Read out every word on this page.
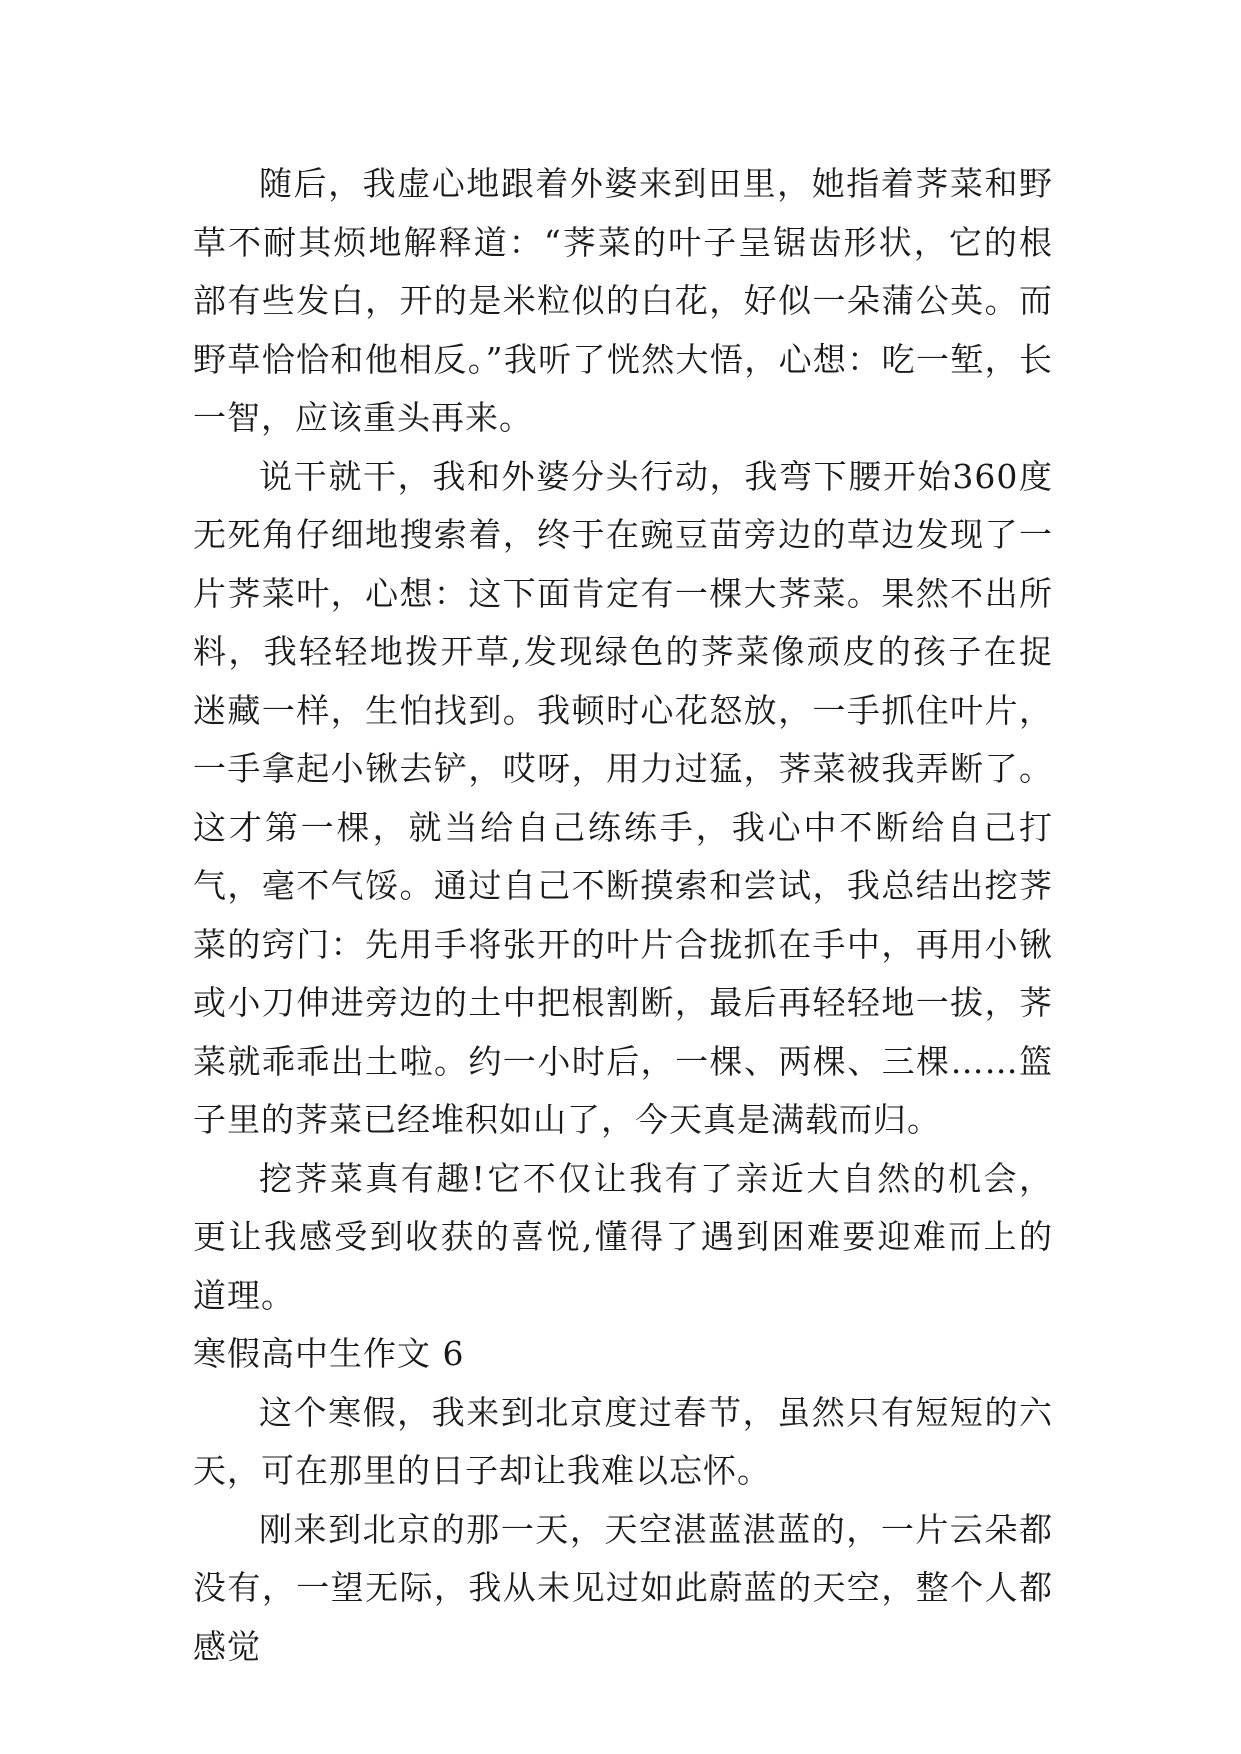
随后，我虚心地跟着外婆来到田里，她指着荠菜和野草不耐其烦地解释道：“荠菜的叶子呈锯齿形状，它的根部有些发白，开的是米粒似的白花，好似一朵蒲公英。而野草恰恰和他相反。”我听了恍然大悟，心想：吃一堑，长一智，应该重头再来。

说干就干，我和外婆分头行动，我弯下腰开始360度无死角仔细地搜索着，终于在豌豆苗旁边的草边发现了一片荠菜叶，心想：这下面肯定有一棵大荠菜。果然不出所料，我轻轻地拨开草,发现绿色的荠菜像顽皮的孩子在捉迷藏一样，生怕找到。我顿时心花怒放，一手抓住叶片，一手拿起小锹去铲，哎呀，用力过猛，荠菜被我弄断了。这才第一棵，就当给自己练练手，我心中不断给自己打气，毫不气馁。通过自己不断摸索和尝试，我总结出挖荠菜的窍门：先用手将张开的叶片合拢抓在手中，再用小锹或小刀伸进旁边的土中把根割断，最后再轻轻地一拔，荠菜就乖乖出土啦。约一小时后，一棵、两棵、三棵……篮子里的荠菜已经堆积如山了，今天真是满载而归。

挖荠菜真有趣!它不仅让我有了亲近大自然的机会，更让我感受到收获的喜悦,懂得了遇到困难要迎难而上的道理。

寒假高中生作文 6

这个寒假，我来到北京度过春节，虽然只有短短的六天，可在那里的日子却让我难以忘怀。

刚来到北京的那一天，天空湛蓝湛蓝的，一片云朵都没有，一望无际，我从未见过如此蔚蓝的天空，整个人都感觉
